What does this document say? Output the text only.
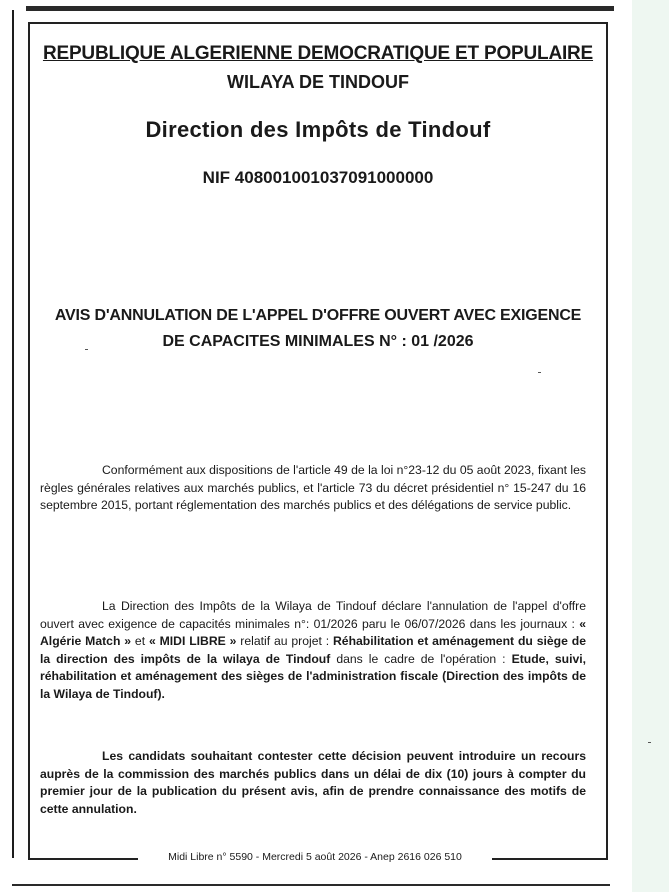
REPUBLIQUE ALGERIENNE DEMOCRATIQUE ET POPULAIRE
WILAYA DE TINDOUF
Direction des Impôts de Tindouf
NIF 408001001037091000000
AVIS D'ANNULATION DE L'APPEL D'OFFRE OUVERT AVEC EXIGENCE
DE CAPACITES MINIMALES N° : 01 /2026
Conformément aux dispositions de l'article 49 de la loi n°23-12 du 05 août 2023, fixant les règles générales relatives aux marchés publics, et l'article 73 du décret présidentiel n° 15-247 du 16 septembre 2015, portant réglementation des marchés publics et des délégations de service public.
La Direction des Impôts de la Wilaya de Tindouf déclare l'annulation de l'appel d'offre ouvert avec exigence de capacités minimales n°: 01/2026 paru le 06/07/2026 dans les journaux : « Algérie Match » et « MIDI LIBRE » relatif au projet : Réhabilitation et aménagement du siège de la direction des impôts de la wilaya de Tindouf dans le cadre de l'opération : Etude, suivi, réhabilitation et aménagement des sièges de l'administration fiscale (Direction des impôts de la Wilaya de Tindouf).
Les candidats souhaitant contester cette décision peuvent introduire un recours auprès de la commission des marchés publics dans un délai de dix (10) jours à compter du premier jour de la publication du présent avis, afin de prendre connaissance des motifs de cette annulation.
Midi Libre n° 5590 - Mercredi 5 août 2026 - Anep 2616 026 510
